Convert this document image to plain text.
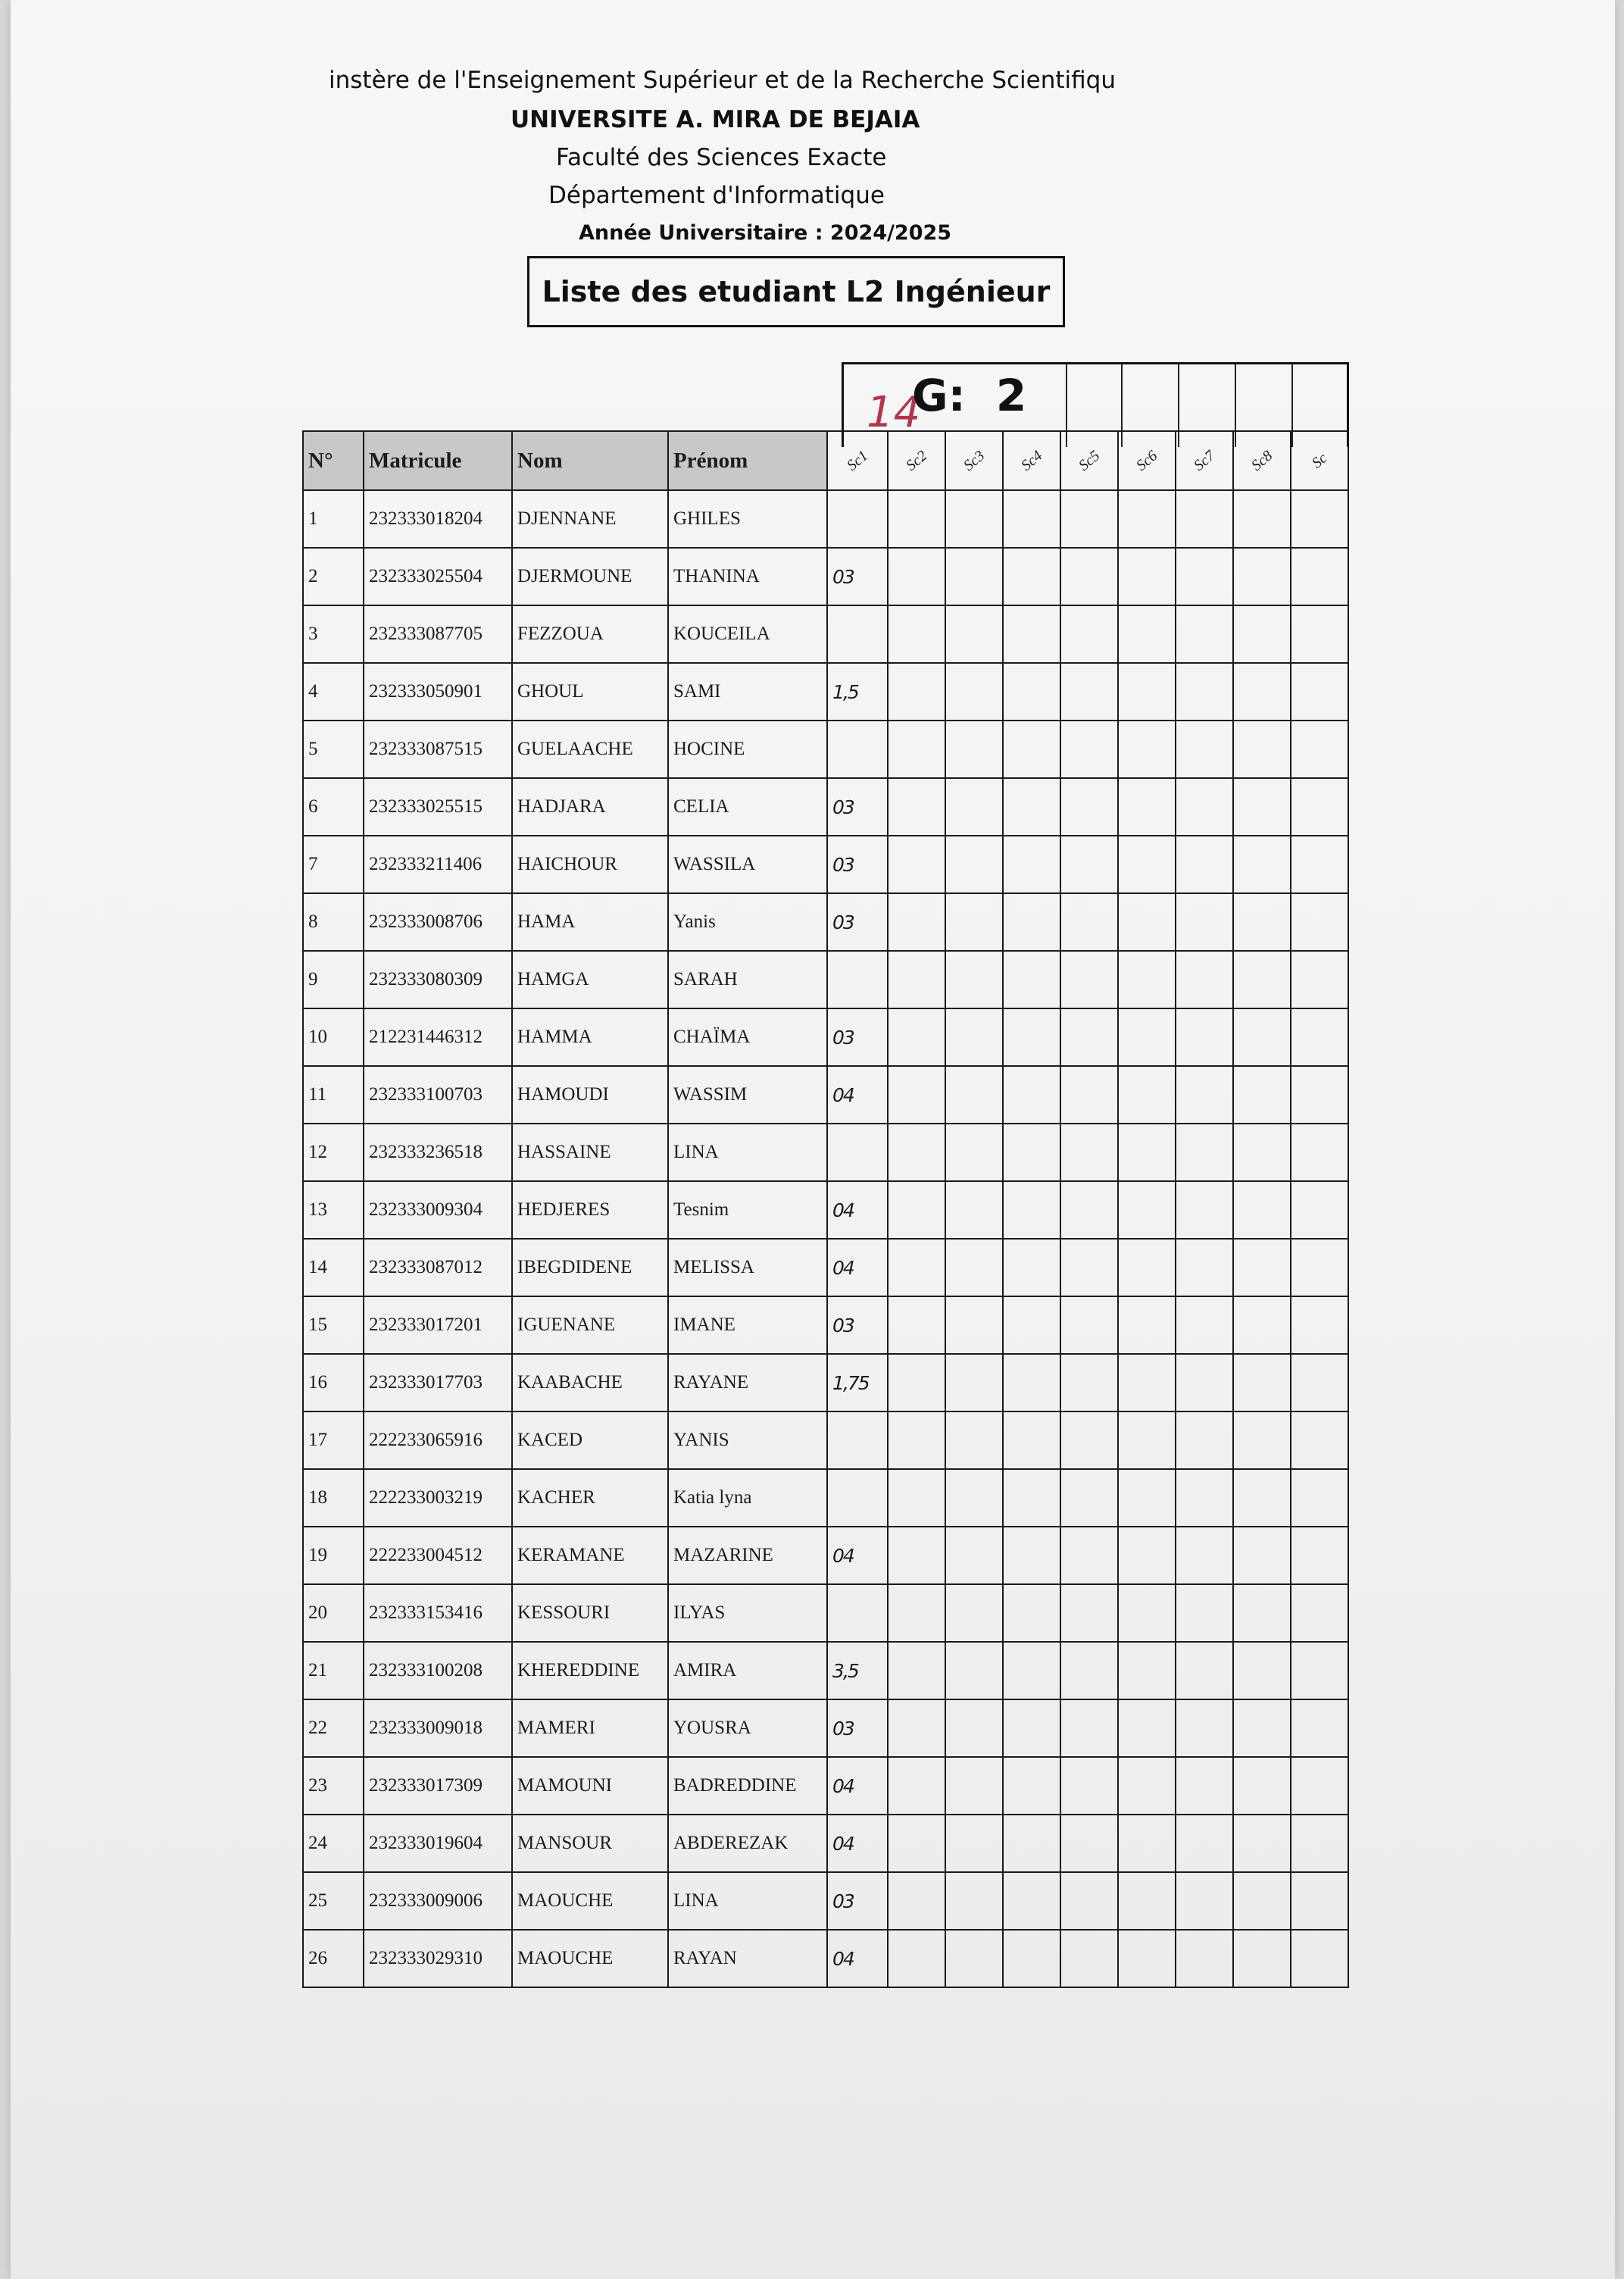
instère de l'Enseignement Supérieur et de la Recherche Scientifiqu
UNIVERSITE A. MIRA DE BEJAIA
Faculté des Sciences Exacte
Département d'Informatique
Année Universitaire : 2024/2025
Liste des etudiant L2 Ingénieur
14
G: 2
N°	Matricule	Nom	Prénom	Sc1	Sc2	Sc3	Sc4	Sc5	Sc6	Sc7	Sc8	Sc
1	232333018204	DJENNANE	GHILES									
2	232333025504	DJERMOUNE	THANINA	03								
3	232333087705	FEZZOUA	KOUCEILA									
4	232333050901	GHOUL	SAMI	1,5								
5	232333087515	GUELAACHE	HOCINE									
6	232333025515	HADJARA	CELIA	03								
7	232333211406	HAICHOUR	WASSILA	03								
8	232333008706	HAMA	Yanis	03								
9	232333080309	HAMGA	SARAH									
10	212231446312	HAMMA	CHAÏMA	03								
11	232333100703	HAMOUDI	WASSIM	04								
12	232333236518	HASSAINE	LINA									
13	232333009304	HEDJERES	Tesnim	04								
14	232333087012	IBEGDIDENE	MELISSA	04								
15	232333017201	IGUENANE	IMANE	03								
16	232333017703	KAABACHE	RAYANE	1,75								
17	222233065916	KACED	YANIS									
18	222233003219	KACHER	Katia lyna									
19	222233004512	KERAMANE	MAZARINE	04								
20	232333153416	KESSOURI	ILYAS									
21	232333100208	KHEREDDINE	AMIRA	3,5								
22	232333009018	MAMERI	YOUSRA	03								
23	232333017309	MAMOUNI	BADREDDINE	04								
24	232333019604	MANSOUR	ABDEREZAK	04								
25	232333009006	MAOUCHE	LINA	03								
26	232333029310	MAOUCHE	RAYAN	04								
